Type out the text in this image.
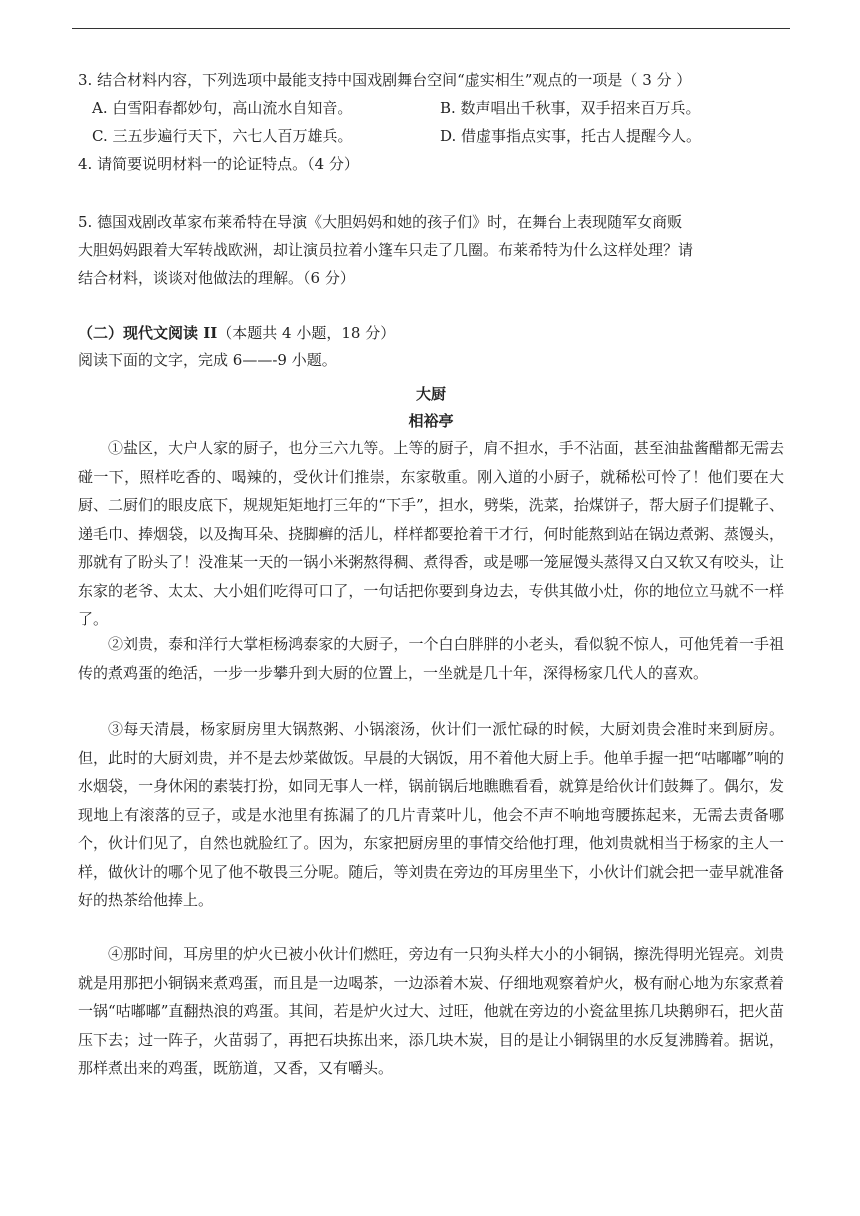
3. 结合材料内容，下列选项中最能支持中国戏剧舞台空间“虚实相生”观点的一项是（ 3 分 ）
A. 白雪阳春都妙句，高山流水自知音。	B. 数声唱出千秋事，双手招来百万兵。
C. 三五步遍行天下，六七人百万雄兵。	D. 借虚事指点实事，托古人提醒今人。
4. 请简要说明材料一的论证特点。（4 分）
5. 德国戏剧改革家布莱希特在导演《大胆妈妈和她的孩子们》时，在舞台上表现随军女商贩
大胆妈妈跟着大军转战欧洲，却让演员拉着小篷车只走了几圈。布莱希特为什么这样处理？请
结合材料，谈谈对他做法的理解。（6 分）
（二）现代文阅读 II（本题共 4 小题，18 分）
阅读下面的文字，完成 6——-9 小题。
大厨
相裕亭
①盐区，大户人家的厨子，也分三六九等。上等的厨子，肩不担水，手不沾面，甚至油盐酱醋都无需去碰一下，照样吃香的、喝辣的，受伙计们推崇，东家敬重。刚入道的小厨子，就稀松可怜了！他们要在大厨、二厨们的眼皮底下，规规矩矩地打三年的“下手”，担水，劈柴，洗菜，抬煤饼子，帮大厨子们提靴子、递毛巾、捧烟袋，以及掏耳朵、挠脚癣的活儿，样样都要抢着干才行，何时能熬到站在锅边煮粥、蒸馒头，那就有了盼头了！没准某一天的一锅小米粥熬得稠、煮得香，或是哪一笼屉馒头蒸得又白又软又有咬头，让东家的老爷、太太、大小姐们吃得可口了，一句话把你要到身边去，专供其做小灶，你的地位立马就不一样了。
②刘贵，泰和洋行大掌柜杨鸿泰家的大厨子，一个白白胖胖的小老头，看似貌不惊人，可他凭着一手祖传的煮鸡蛋的绝活，一步一步攀升到大厨的位置上，一坐就是几十年，深得杨家几代人的喜欢。
③每天清晨，杨家厨房里大锅熬粥、小锅滚汤，伙计们一派忙碌的时候，大厨刘贵会准时来到厨房。但，此时的大厨刘贵，并不是去炒菜做饭。早晨的大锅饭，用不着他大厨上手。他单手握一把“咕嘟嘟”响的水烟袋，一身休闲的素装打扮，如同无事人一样，锅前锅后地瞧瞧看看，就算是给伙计们鼓舞了。偶尔，发现地上有滚落的豆子，或是水池里有拣漏了的几片青菜叶儿，他会不声不响地弯腰拣起来，无需去责备哪个，伙计们见了，自然也就脸红了。因为，东家把厨房里的事情交给他打理，他刘贵就相当于杨家的主人一样，做伙计的哪个见了他不敬畏三分呢。随后，等刘贵在旁边的耳房里坐下，小伙计们就会把一壶早就准备好的热茶给他捧上。
④那时间，耳房里的炉火已被小伙计们燃旺，旁边有一只狗头样大小的小铜锅，擦洗得明光锃亮。刘贵就是用那把小铜锅来煮鸡蛋，而且是一边喝茶，一边添着木炭、仔细地观察着炉火，极有耐心地为东家煮着一锅“咕嘟嘟”直翻热浪的鸡蛋。其间，若是炉火过大、过旺，他就在旁边的小瓷盆里拣几块鹅卵石，把火苗压下去；过一阵子，火苗弱了，再把石块拣出来，添几块木炭，目的是让小铜锅里的水反复沸腾着。据说，那样煮出来的鸡蛋，既筋道，又香，又有嚼头。
